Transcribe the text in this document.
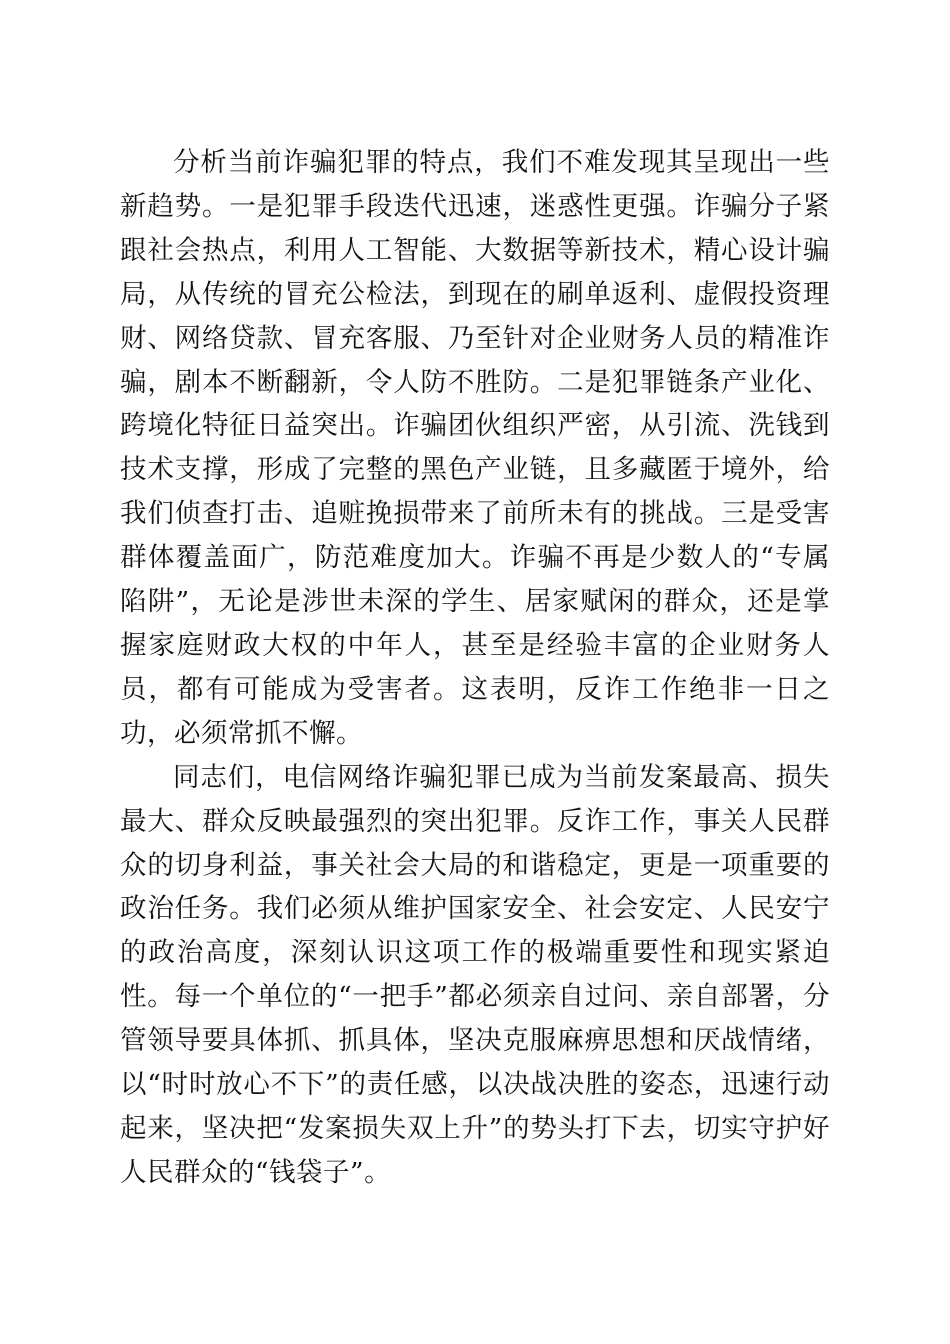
分析当前诈骗犯罪的特点，我们不难发现其呈现出一些新趋势。一是犯罪手段迭代迅速，迷惑性更强。诈骗分子紧跟社会热点，利用人工智能、大数据等新技术，精心设计骗局，从传统的冒充公检法，到现在的刷单返利、虚假投资理财、网络贷款、冒充客服、乃至针对企业财务人员的精准诈骗，剧本不断翻新，令人防不胜防。二是犯罪链条产业化、跨境化特征日益突出。诈骗团伙组织严密，从引流、洗钱到技术支撑，形成了完整的黑色产业链，且多藏匿于境外，给我们侦查打击、追赃挽损带来了前所未有的挑战。三是受害群体覆盖面广，防范难度加大。诈骗不再是少数人的“专属陷阱”，无论是涉世未深的学生、居家赋闲的群众，还是掌握家庭财政大权的中年人，甚至是经验丰富的企业财务人员，都有可能成为受害者。这表明，反诈工作绝非一日之功，必须常抓不懈。

同志们，电信网络诈骗犯罪已成为当前发案最高、损失最大、群众反映最强烈的突出犯罪。反诈工作，事关人民群众的切身利益，事关社会大局的和谐稳定，更是一项重要的政治任务。我们必须从维护国家安全、社会安定、人民安宁的政治高度，深刻认识这项工作的极端重要性和现实紧迫性。每一个单位的“一把手”都必须亲自过问、亲自部署，分管领导要具体抓、抓具体，坚决克服麻痹思想和厌战情绪，以“时时放心不下”的责任感，以决战决胜的姿态，迅速行动起来，坚决把“发案损失双上升”的势头打下去，切实守护好人民群众的“钱袋子”。
